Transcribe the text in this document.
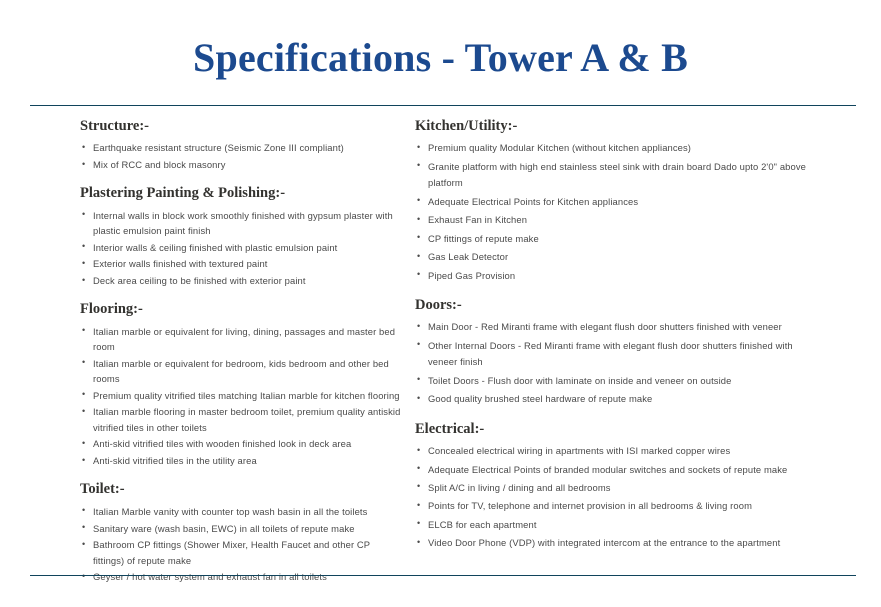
Specifications - Tower A & B
Structure:-
• Earthquake resistant structure (Seismic Zone III compliant)
• Mix of RCC and block masonry
Plastering Painting & Polishing:-
• Internal walls in block work smoothly finished with gypsum plaster with plastic emulsion paint finish
• Interior walls & ceiling finished with plastic emulsion paint
• Exterior walls finished with textured paint
• Deck area ceiling to be finished with exterior paint
Flooring:-
• Italian marble or equivalent for living, dining, passages and master bed room
• Italian marble or equivalent for bedroom, kids bedroom and other bed rooms
• Premium quality vitrified tiles matching Italian marble for kitchen flooring
• Italian marble flooring in master bedroom toilet, premium quality antiskid vitrified tiles in other toilets
• Anti-skid vitrified tiles with wooden finished look in deck area
• Anti-skid vitrified tiles in the utility area
Toilet:-
• Italian Marble vanity with counter top wash basin in all the toilets
• Sanitary ware (wash basin, EWC) in all toilets of repute make
• Bathroom CP fittings (Shower Mixer, Health Faucet and other CP fittings) of repute make
• Geyser / hot water system and exhaust fan in all toilets
Kitchen/Utility:-
• Premium quality Modular Kitchen (without kitchen appliances)
• Granite platform with high end stainless steel sink with drain board Dado upto 2'0" above platform
• Adequate Electrical Points for Kitchen appliances
• Exhaust Fan in Kitchen
• CP fittings of repute make
• Gas Leak Detector
• Piped Gas Provision
Doors:-
• Main Door - Red Miranti frame with elegant flush door shutters finished with veneer
• Other Internal Doors - Red Miranti frame with elegant flush door shutters finished with veneer finish
• Toilet Doors - Flush door with laminate on inside and veneer on outside
• Good quality brushed steel hardware of repute make
Electrical:-
• Concealed electrical wiring in apartments with ISI marked copper wires
• Adequate Electrical Points of branded modular switches and sockets of repute make
• Split A/C in living / dining and all bedrooms
• Points for TV, telephone and internet provision in all bedrooms & living room
• ELCB for each apartment
• Video Door Phone (VDP) with integrated intercom at the entrance to the apartment
